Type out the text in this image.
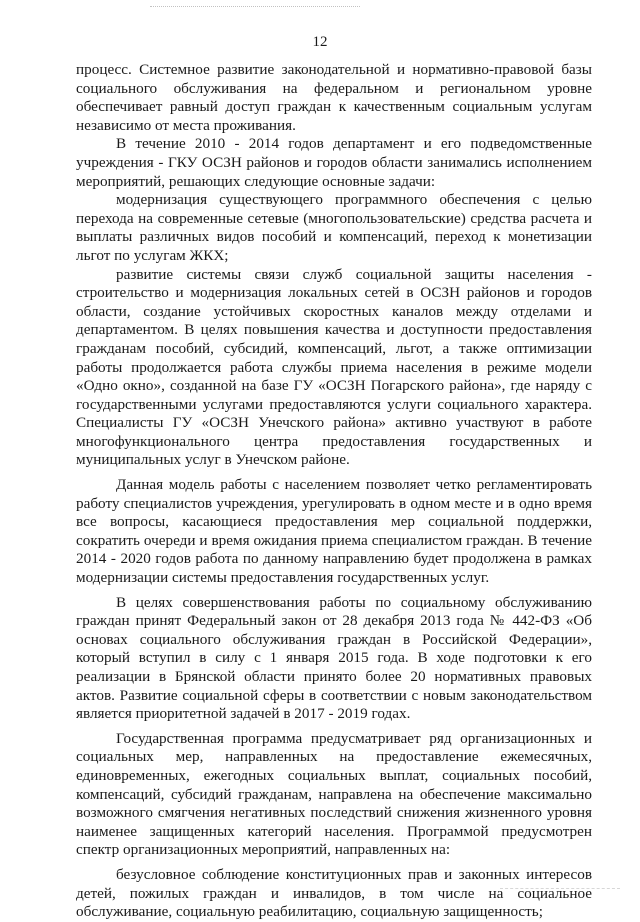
12

процесс. Системное развитие законодательной и нормативно-правовой базы социального обслуживания на федеральном и региональном уровне обеспечивает равный доступ граждан к качественным социальным услугам независимо от места проживания.

В течение 2010 - 2014 годов департамент и его подведомственные учреждения - ГКУ ОСЗН районов и городов области занимались исполнением мероприятий, решающих следующие основные задачи:

модернизация существующего программного обеспечения с целью перехода на современные сетевые (многопользовательские) средства расчета и выплаты различных видов пособий и компенсаций, переход к монетизации льгот по услугам ЖКХ;

развитие системы связи служб социальной защиты населения - строительство и модернизация локальных сетей в ОСЗН районов и городов области, создание устойчивых скоростных каналов между отделами и департаментом. В целях повышения качества и доступности предоставления гражданам пособий, субсидий, компенсаций, льгот, а также оптимизации работы продолжается работа службы приема населения в режиме модели «Одно окно», созданной на базе ГУ «ОСЗН Погарского района», где наряду с государственными услугами предоставляются услуги социального характера. Специалисты ГУ «ОСЗН Унечского района» активно участвуют в работе многофункционального центра предоставления государственных и муниципальных услуг в Унечском районе.

Данная модель работы с населением позволяет четко регламентировать работу специалистов учреждения, урегулировать в одном месте и в одно время все вопросы, касающиеся предоставления мер социальной поддержки, сократить очереди и время ожидания приема специалистом граждан. В течение 2014 - 2020 годов работа по данному направлению будет продолжена в рамках модернизации системы предоставления государственных услуг.

В целях совершенствования работы по социальному обслуживанию граждан принят Федеральный закон от 28 декабря 2013 года № 442-ФЗ «Об основах социального обслуживания граждан в Российской Федерации», который вступил в силу с 1 января 2015 года. В ходе подготовки к его реализации в Брянской области принято более 20 нормативных правовых актов. Развитие социальной сферы в соответствии с новым законодательством является приоритетной задачей в 2017 - 2019 годах.

Государственная программа предусматривает ряд организационных и социальных мер, направленных на предоставление ежемесячных, единовременных, ежегодных социальных выплат, социальных пособий, компенсаций, субсидий гражданам, направлена на обеспечение максимально возможного смягчения негативных последствий снижения жизненного уровня наименее защищенных категорий населения. Программой предусмотрен спектр организационных мероприятий, направленных на:

безусловное соблюдение конституционных прав и законных интересов детей, пожилых граждан и инвалидов, в том числе на социальное обслуживание, социальную реабилитацию, социальную защищенность;
